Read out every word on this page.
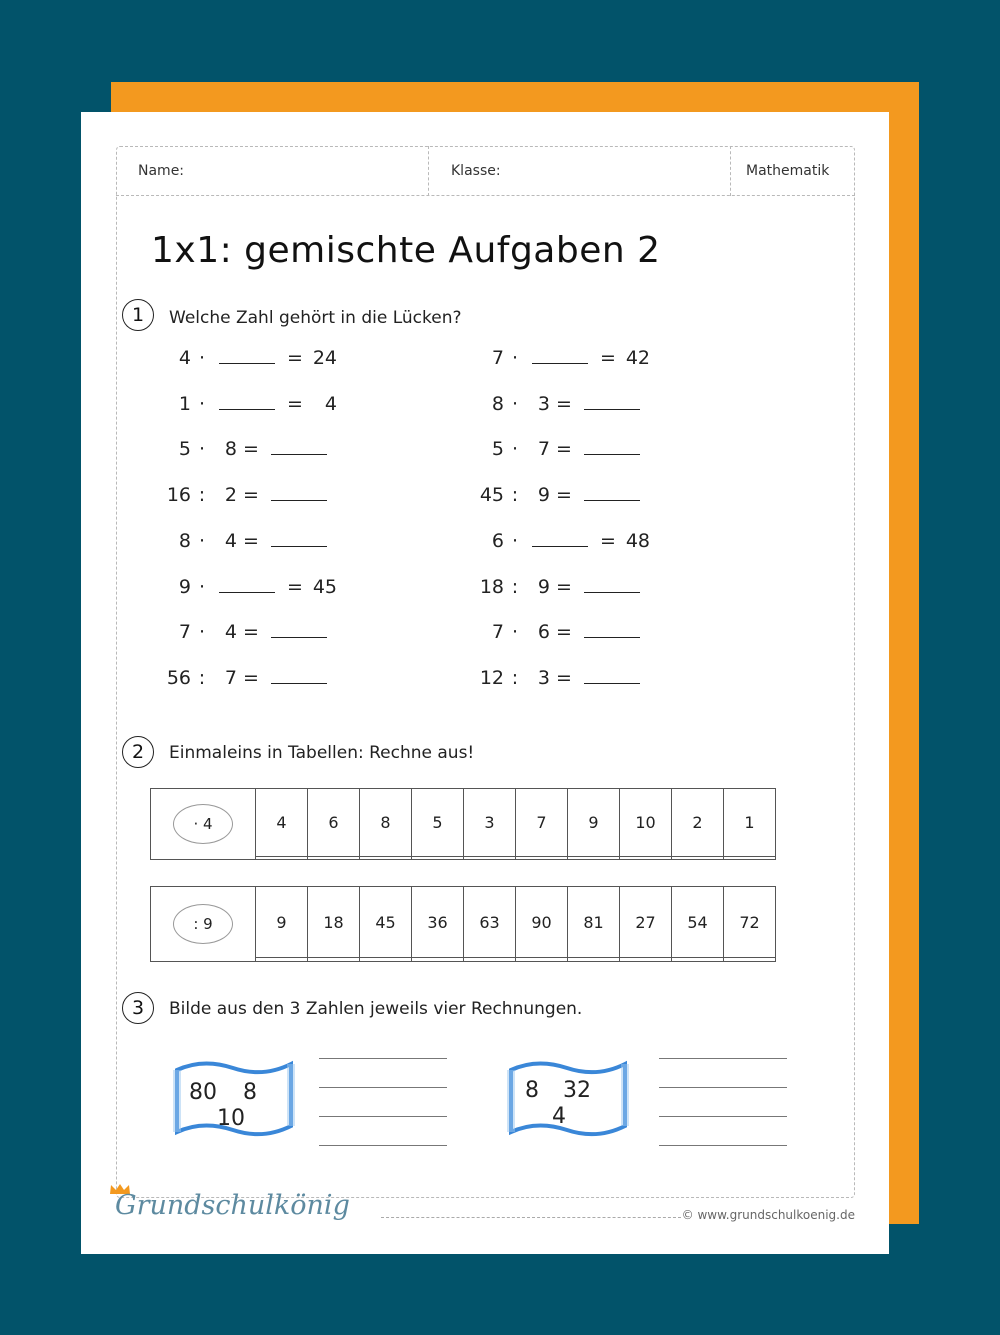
Name:	Klasse:	Mathematik
1x1: gemischte Aufgaben 2
1	Welche Zahl gehört in die Lücken?
4 ·	= 24
1 ·	= 4
5 · 8 =
16 : 2 =
8 · 4 =
9 ·	= 45
7 · 4 =
56 : 7 =
7 ·	= 42
8 · 3 =
5 · 7 =
45 : 9 =
6 ·	= 48
18 : 9 =
7 · 6 =
12 : 3 =
2	Einmaleins in Tabellen: Rechne aus!
· 4	4	6	8	5	3	7	9	10	2	1

: 9	9	18	45	36	63	90	81	27	54	72

3	Bilde aus den 3 Zahlen jeweils vier Rechnungen.
80 8
10
8 32
4
Grundschulkönig	© www.grundschulkoenig.de
